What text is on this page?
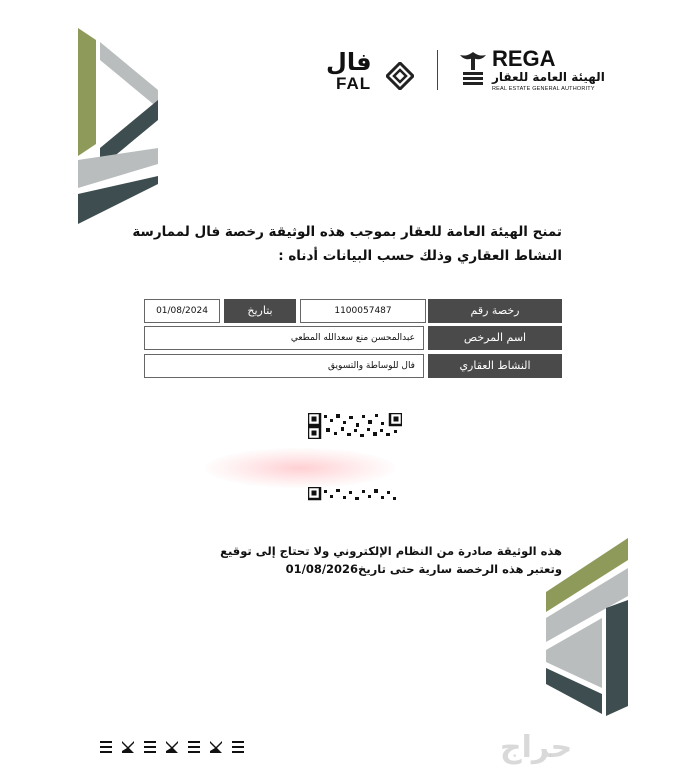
فال
FAL
REGA
الهيئة العامة للعقار
REAL ESTATE GENERAL AUTHORITY
تمنح الهيئة العامة للعقار بموجب هذه الوثيقة رخصة فال لممارسة
النشاط العقاري وذلك حسب البيانات أدناه :
01/08/2024	بتاريخ	1100057487	رخصة رقم
عبدالمحسن منع سعدالله المطعي	اسم المرخص
فال للوساطة والتسويق	النشاط العقاري
هذه الوثيقة صادرة من النظام الإلكتروني ولا تحتاج إلى توقيع
وتعتبر هذه الرخصة سارية حتى تاريخ01/08/2026
حراج
